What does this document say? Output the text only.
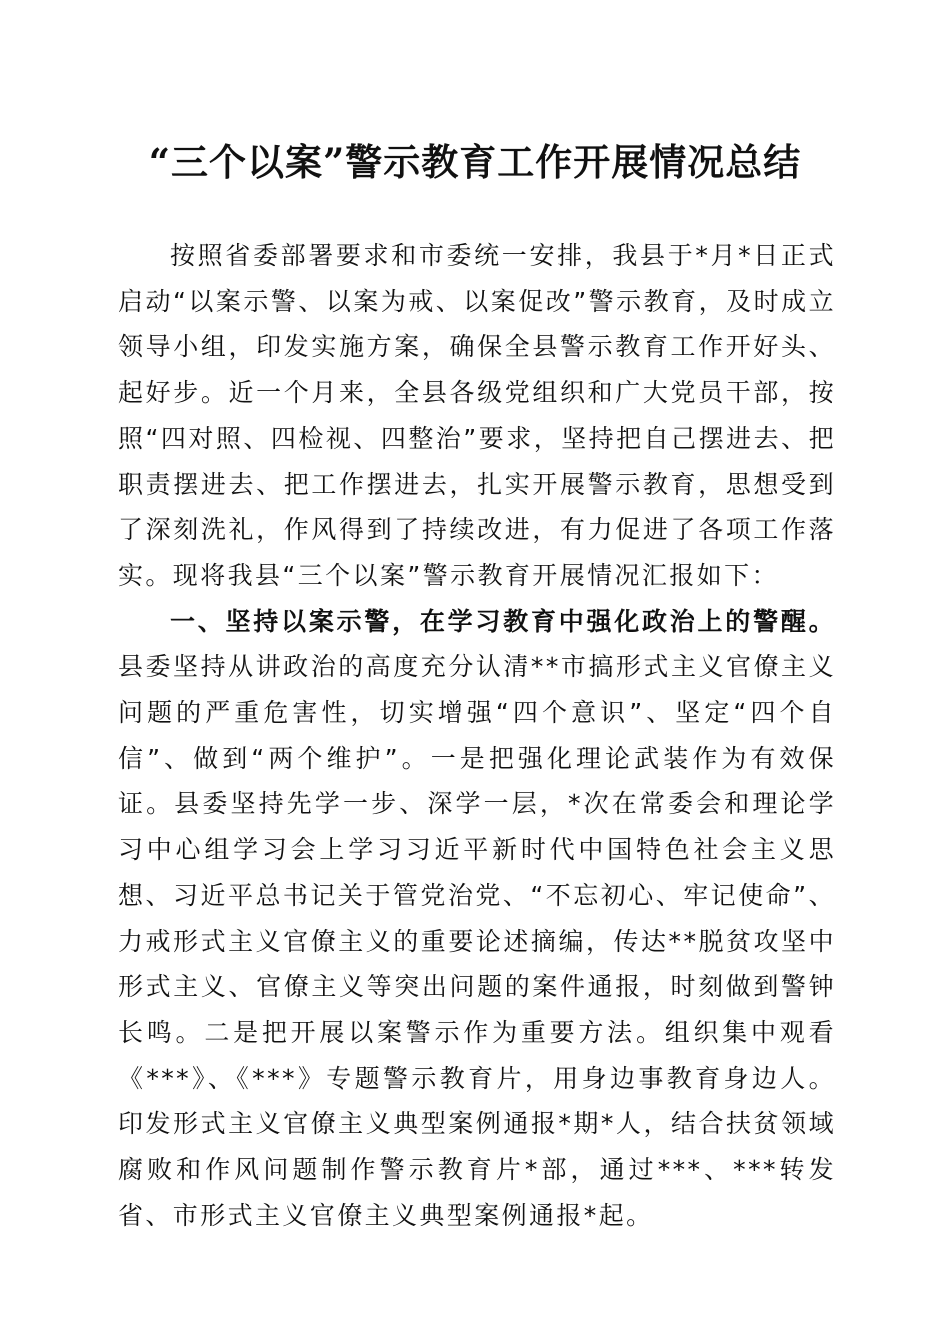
“三个以案”警示教育工作开展情况总结

按照省委部署要求和市委统一安排，我县于*月*日正式启动“以案示警、以案为戒、以案促改”警示教育，及时成立领导小组，印发实施方案，确保全县警示教育工作开好头、起好步。近一个月来，全县各级党组织和广大党员干部，按照“四对照、四检视、四整治”要求，坚持把自己摆进去、把职责摆进去、把工作摆进去，扎实开展警示教育，思想受到了深刻洗礼，作风得到了持续改进，有力促进了各项工作落实。现将我县“三个以案”警示教育开展情况汇报如下：

一、坚持以案示警，在学习教育中强化政治上的警醒。县委坚持从讲政治的高度充分认清**市搞形式主义官僚主义问题的严重危害性，切实增强“四个意识”、坚定“四个自信”、做到“两个维护”。一是把强化理论武装作为有效保证。县委坚持先学一步、深学一层，*次在常委会和理论学习中心组学习会上学习习近平新时代中国特色社会主义思想、习近平总书记关于管党治党、“不忘初心、牢记使命”、力戒形式主义官僚主义的重要论述摘编，传达**脱贫攻坚中形式主义、官僚主义等突出问题的案件通报，时刻做到警钟长鸣。二是把开展以案警示作为重要方法。组织集中观看《***》、《***》专题警示教育片，用身边事教育身边人。印发形式主义官僚主义典型案例通报*期*人，结合扶贫领域腐败和作风问题制作警示教育片*部，通过***、***转发省、市形式主义官僚主义典型案例通报*起。
